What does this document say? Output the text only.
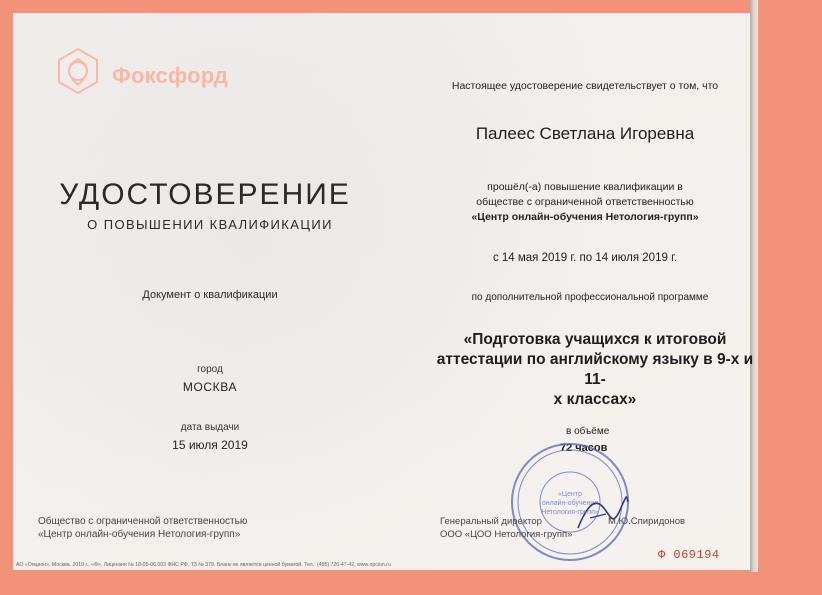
Фоксфорд
УДОСТОВЕРЕНИЕ
О ПОВЫШЕНИИ КВАЛИФИКАЦИИ
Документ о квалификации
город
МОСКВА
дата выдачи
15 июля 2019
Общество с ограниченной ответственностью
«Центр онлайн-обучения Нетология-групп»
Настоящее удостоверение свидетельствует о том, что
Палеес Светлана Игоревна
прошёл(-а) повышение квалификации в
обществе с ограниченной ответственностью
«Центр онлайн-обучения Нетология-групп»
с 14 мая 2019 г. по 14 июля 2019 г.
по дополнительной профессиональной программе
«Подготовка учащихся к итоговой
аттестации по английскому языку в 9-х и 11-
х классах»
в объёме
72 часов
«Центр
онлайн-обучения
Нетология-групп»
Генеральный директор
ООО «ЦОО Нетология-групп»
М.Ю.Спиридонов
Ф 069194
АО «Опцион», Москва, 2019 г., «Ф», Лицензия № 18-05-06.003 ФНС РФ, ТЗ № 379. Бланк не является ценной бумагой. Тел.: (495) 726-47-42, www.opcion.ru
